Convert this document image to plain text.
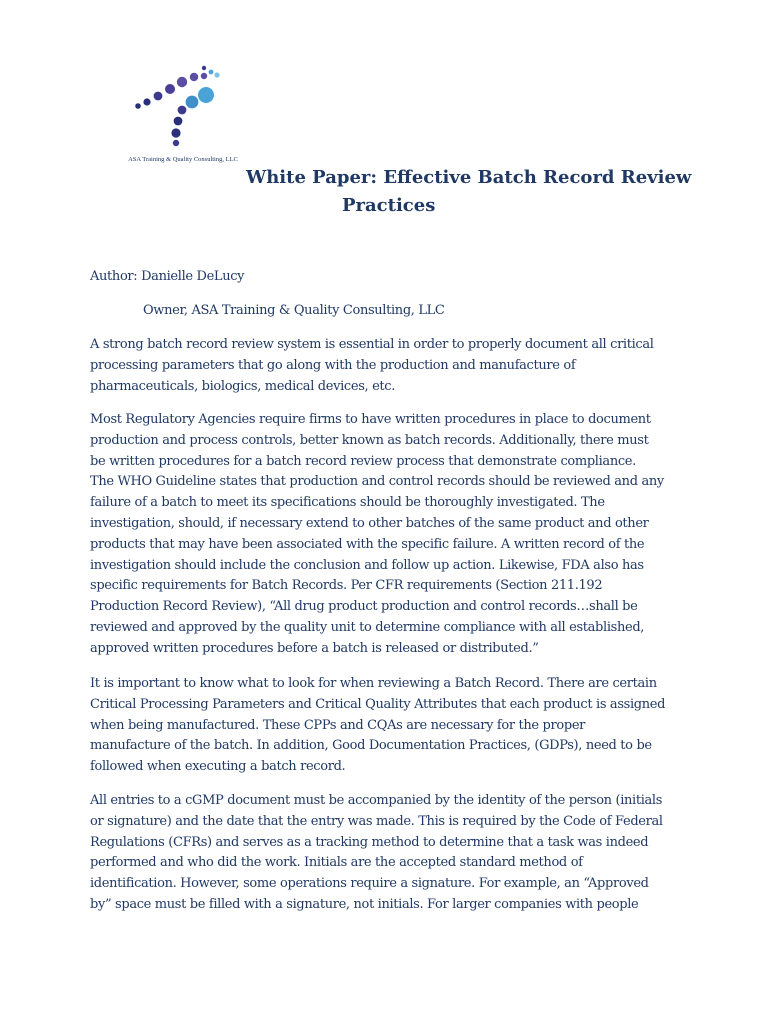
ASA Training & Quality Consulting, LLC
White Paper: Effective Batch Record Review
Practices

Author: Danielle DeLucy

Owner, ASA Training & Quality Consulting, LLC

A strong batch record review system is essential in order to properly document all critical
processing parameters that go along with the production and manufacture of
pharmaceuticals, biologics, medical devices, etc.

Most Regulatory Agencies require firms to have written procedures in place to document
production and process controls, better known as batch records. Additionally, there must
be written procedures for a batch record review process that demonstrate compliance.
The WHO Guideline states that production and control records should be reviewed and any
failure of a batch to meet its specifications should be thoroughly investigated. The
investigation, should, if necessary extend to other batches of the same product and other
products that may have been associated with the specific failure. A written record of the
investigation should include the conclusion and follow up action. Likewise, FDA also has
specific requirements for Batch Records. Per CFR requirements (Section 211.192
Production Record Review), “All drug product production and control records…shall be
reviewed and approved by the quality unit to determine compliance with all established,
approved written procedures before a batch is released or distributed.”

It is important to know what to look for when reviewing a Batch Record. There are certain
Critical Processing Parameters and Critical Quality Attributes that each product is assigned
when being manufactured. These CPPs and CQAs are necessary for the proper
manufacture of the batch. In addition, Good Documentation Practices, (GDPs), need to be
followed when executing a batch record.

All entries to a cGMP document must be accompanied by the identity of the person (initials
or signature) and the date that the entry was made. This is required by the Code of Federal
Regulations (CFRs) and serves as a tracking method to determine that a task was indeed
performed and who did the work. Initials are the accepted standard method of
identification. However, some operations require a signature. For example, an “Approved
by” space must be filled with a signature, not initials. For larger companies with people
